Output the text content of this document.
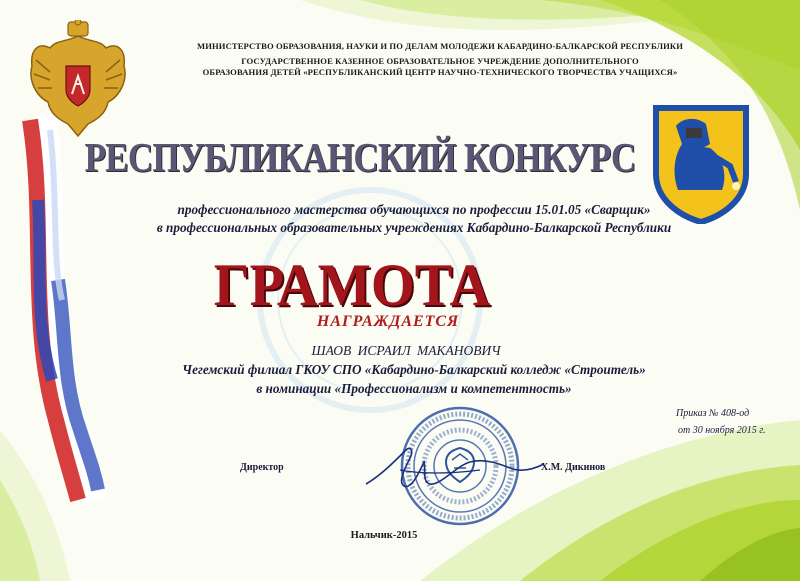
МИНИСТЕРСТВО ОБРАЗОВАНИЯ, НАУКИ И ПО ДЕЛАМ МОЛОДЕЖИ КАБАРДИНО-БАЛКАРСКОЙ РЕСПУБЛИКИ
ГОСУДАРСТВЕННОЕ КАЗЕННОЕ ОБРАЗОВАТЕЛЬНОЕ УЧРЕЖДЕНИЕ ДОПОЛНИТЕЛЬНОГО
ОБРАЗОВАНИЯ ДЕТЕЙ «РЕСПУБЛИКАНСКИЙ ЦЕНТР НАУЧНО-ТЕХНИЧЕСКОГО ТВОРЧЕСТВА УЧАЩИХСЯ»
РЕСПУБЛИКАНСКИЙ КОНКУРС
профессионального мастерства обучающихся по профессии 15.01.05 «Сварщик»
в профессиональных образовательных учреждениях Кабардино-Балкарской Республики
ГРАМОТА
НАГРАЖДАЕТСЯ
ШАОВ ИСРАИЛ МАКАНОВИЧ
Чегемский филиал ГКОУ СПО «Кабардино-Балкарский колледж «Строитель»
в номинации «Профессионализм и компетентность»
Приказ № 408-од
от 30 ноября 2015 г.
Директор	Х.М. Дикинов
Нальчик-2015
